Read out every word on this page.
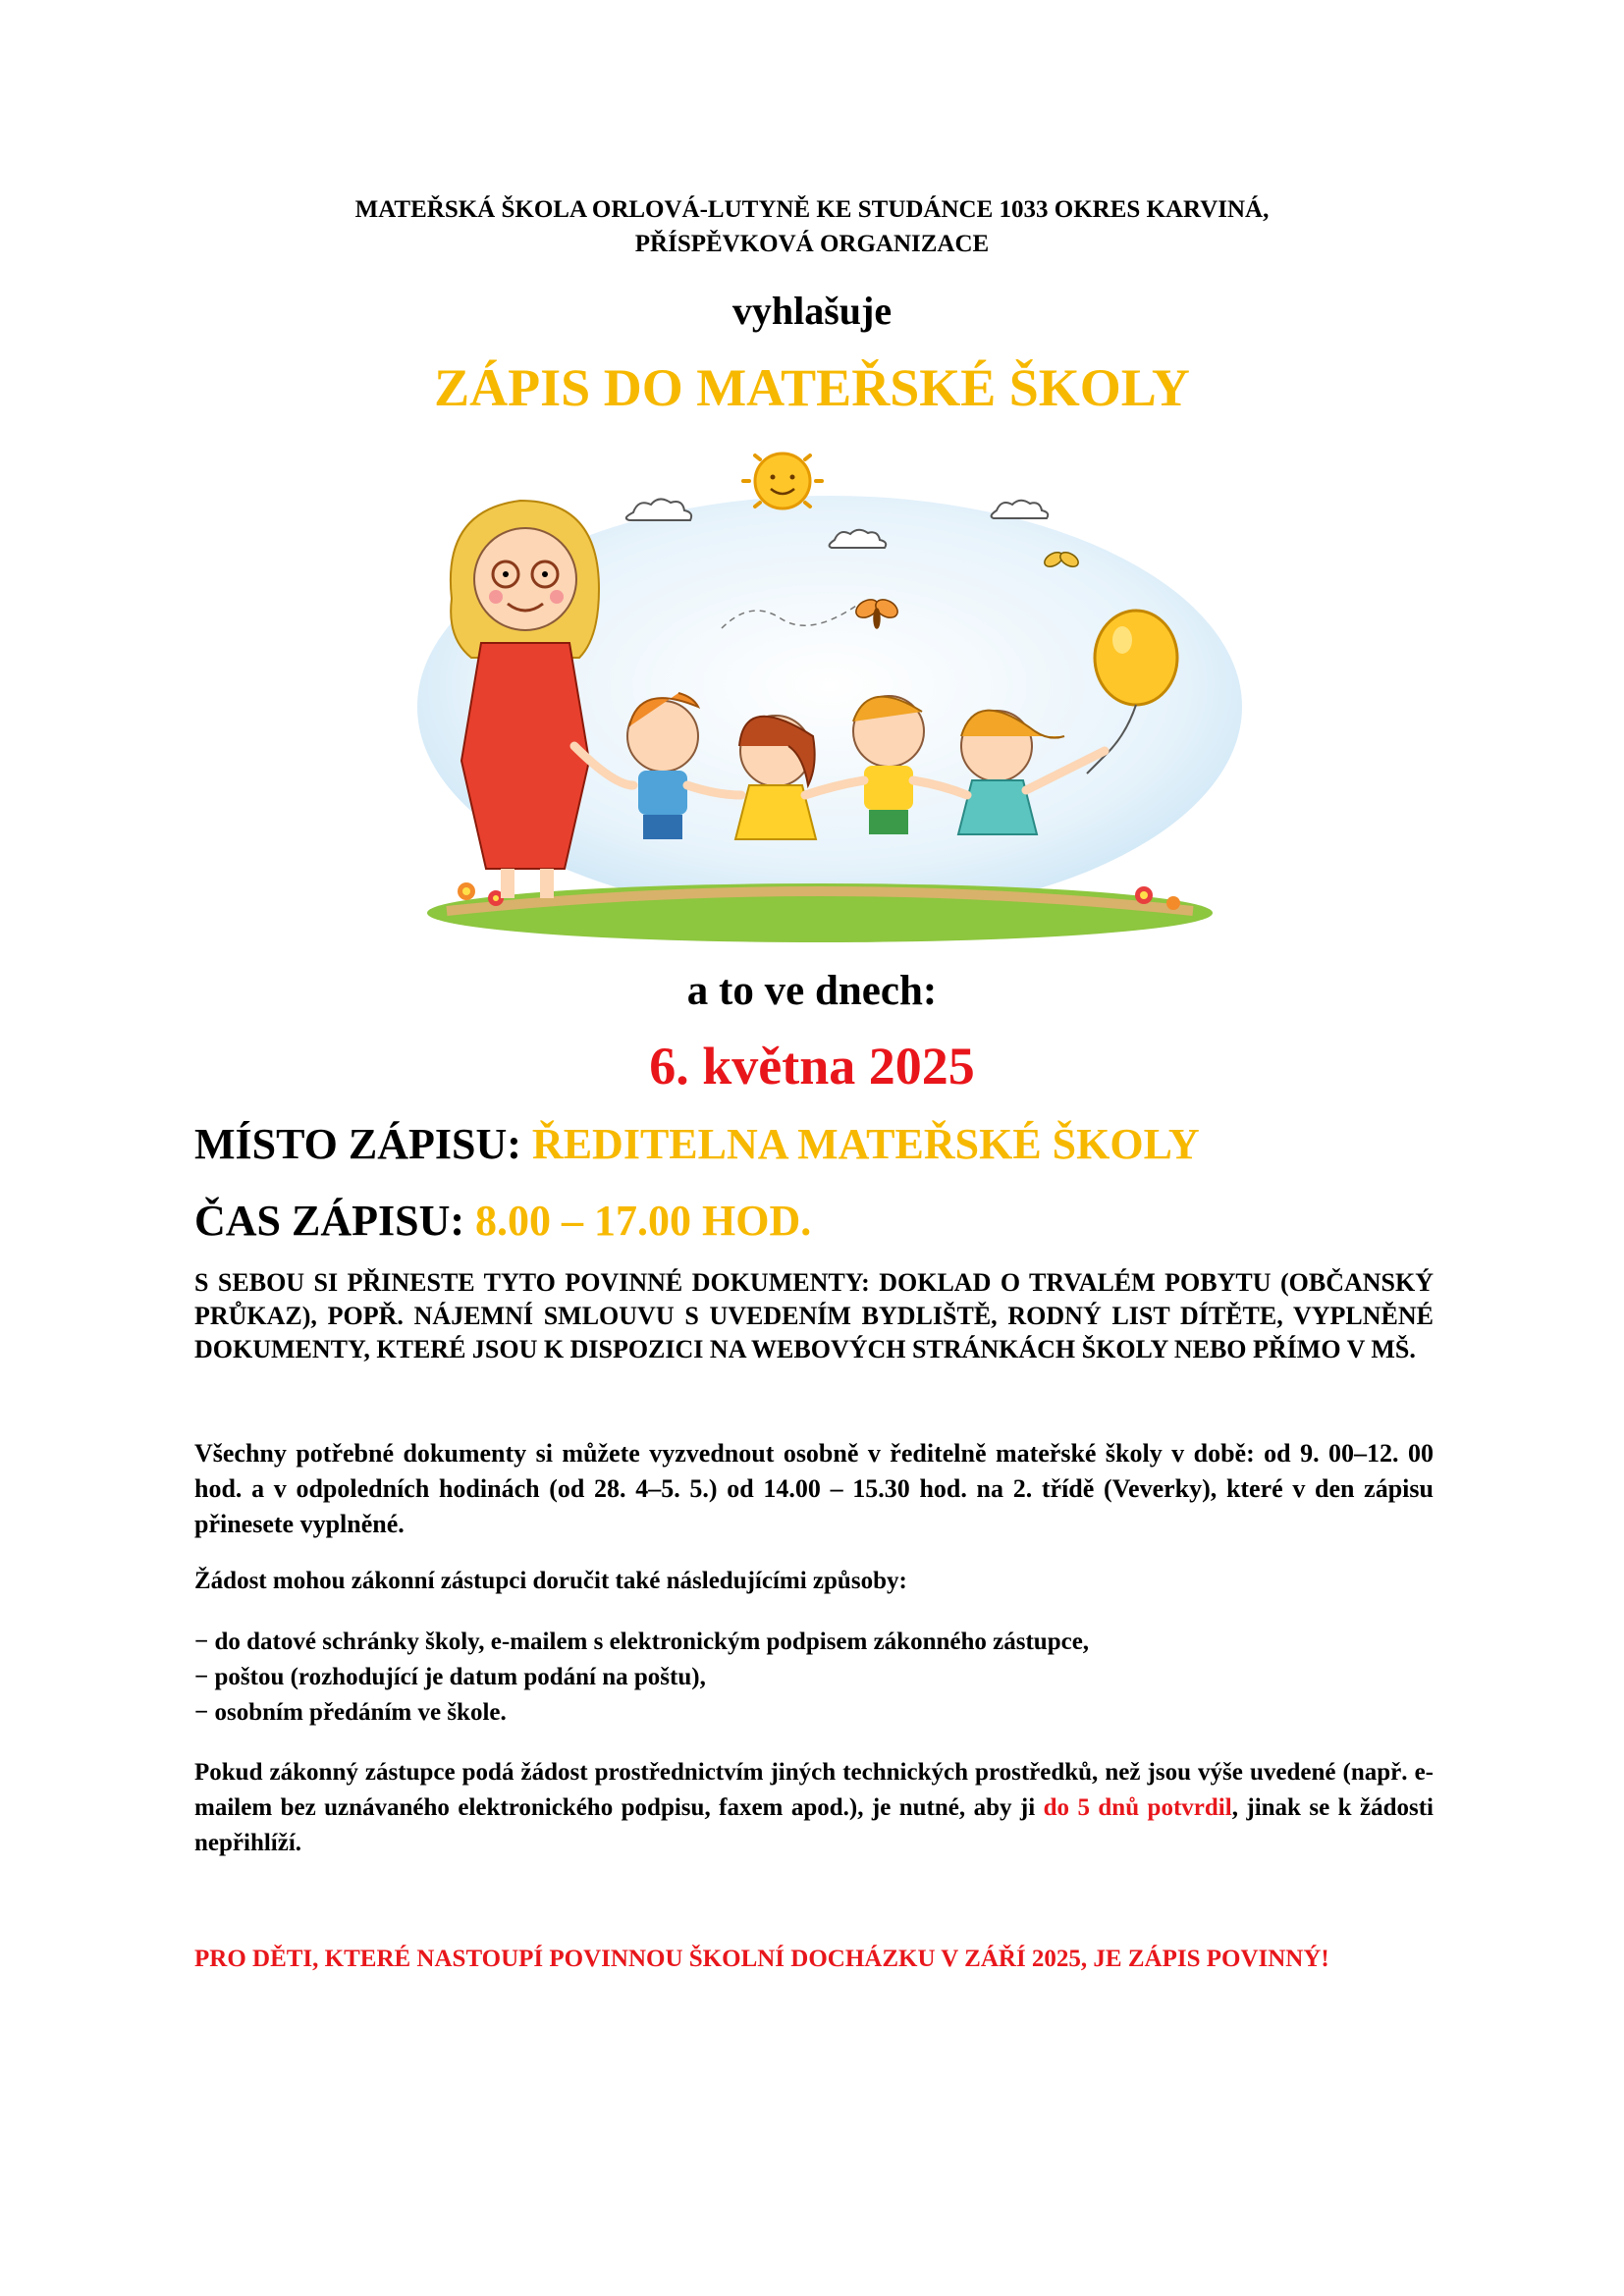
MATEŘSKÁ ŠKOLA ORLOVÁ-LUTYNĚ KE STUDÁNCE 1033 OKRES KARVINÁ,
PŘÍSPĚVKOVÁ ORGANIZACE
vyhlašuje
ZÁPIS DO MATEŘSKÉ ŠKOLY
a to ve dnech:
6. května 2025
MÍSTO ZÁPISU: ŘEDITELNA MATEŘSKÉ ŠKOLY
ČAS ZÁPISU: 8.00 – 17.00 HOD.
S SEBOU SI PŘINESTE TYTO POVINNÉ DOKUMENTY: DOKLAD O TRVALÉM POBYTU (OBČANSKÝ PRŮKAZ), POPŘ. NÁJEMNÍ SMLOUVU S UVEDENÍM BYDLIŠTĚ, RODNÝ LIST DÍTĚTE, VYPLNĚNÉ DOKUMENTY, KTERÉ JSOU K DISPOZICI NA WEBOVÝCH STRÁNKÁCH ŠKOLY NEBO PŘÍMO V MŠ.
Všechny potřebné dokumenty si můžete vyzvednout osobně v ředitelně mateřské školy v době: od 9. 00–12. 00 hod. a v odpoledních hodinách (od 28. 4–5. 5.) od 14.00 – 15.30 hod. na 2. třídě (Veverky), které v den zápisu přinesete vyplněné.
Žádost mohou zákonní zástupci doručit také následujícími způsoby:
− do datové schránky školy, e-mailem s elektronickým podpisem zákonného zástupce,
− poštou (rozhodující je datum podání na poštu),
− osobním předáním ve škole.
Pokud zákonný zástupce podá žádost prostřednictvím jiných technických prostředků, než jsou výše uvedené (např. e-mailem bez uznávaného elektronického podpisu, faxem apod.), je nutné, aby ji do 5 dnů potvrdil, jinak se k žádosti nepřihlíží.
PRO DĚTI, KTERÉ NASTOUPÍ POVINNOU ŠKOLNÍ DOCHÁZKU V ZÁŘÍ 2025, JE ZÁPIS POVINNÝ!
